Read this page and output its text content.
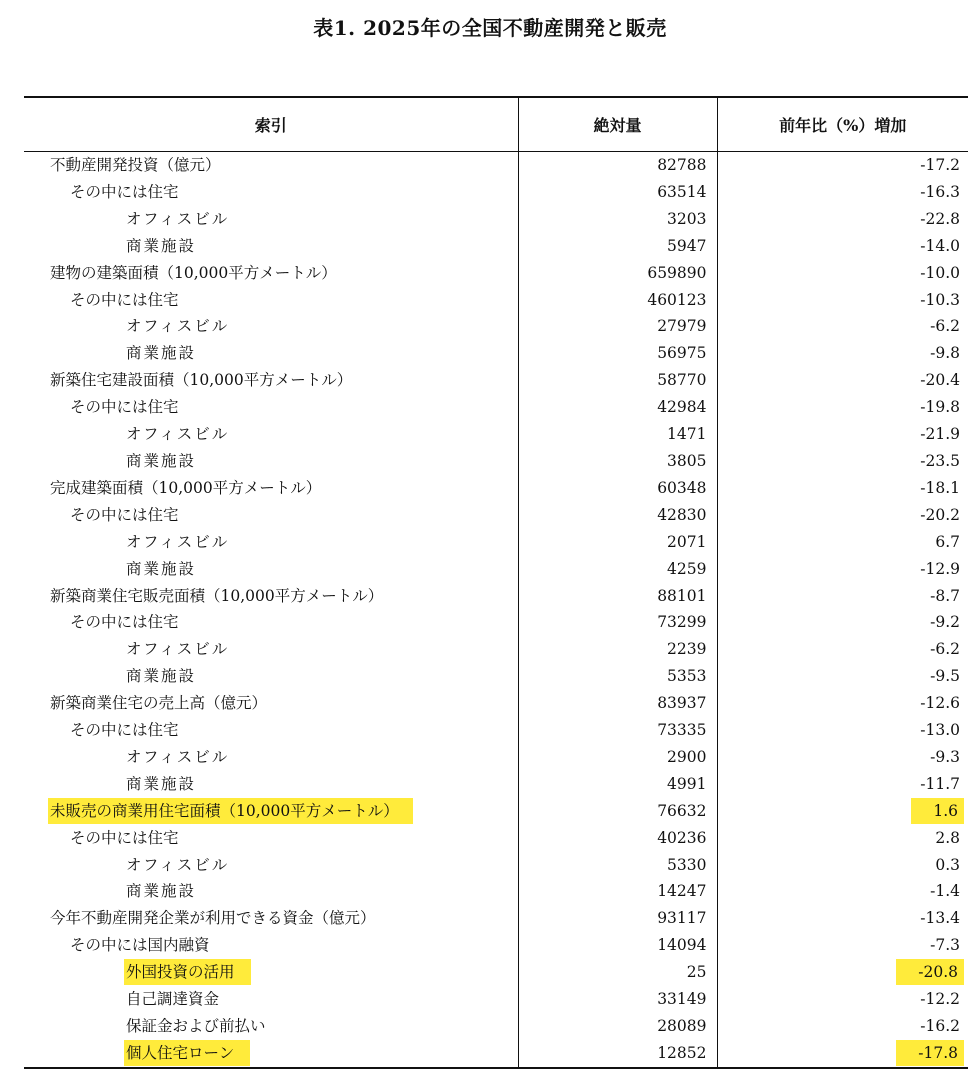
表1. 2025年の全国不動産開発と販売
索引	絶対量	前年比（%）増加
不動産開発投資（億元）	82788	-17.2
その中には住宅	63514	-16.3
オフィスビル	3203	-22.8
商業施設	5947	-14.0
建物の建築面積（10,000平方メートル）	659890	-10.0
その中には住宅	460123	-10.3
オフィスビル	27979	-6.2
商業施設	56975	-9.8
新築住宅建設面積（10,000平方メートル）	58770	-20.4
その中には住宅	42984	-19.8
オフィスビル	1471	-21.9
商業施設	3805	-23.5
完成建築面積（10,000平方メートル）	60348	-18.1
その中には住宅	42830	-20.2
オフィスビル	2071	6.7
商業施設	4259	-12.9
新築商業住宅販売面積（10,000平方メートル）	88101	-8.7
その中には住宅	73299	-9.2
オフィスビル	2239	-6.2
商業施設	5353	-9.5
新築商業住宅の売上高（億元）	83937	-12.6
その中には住宅	73335	-13.0
オフィスビル	2900	-9.3
商業施設	4991	-11.7
未販売の商業用住宅面積（10,000平方メートル）	76632	1.6
その中には住宅	40236	2.8
オフィスビル	5330	0.3
商業施設	14247	-1.4
今年不動産開発企業が利用できる資金（億元）	93117	-13.4
その中には国内融資	14094	-7.3
外国投資の活用	25	-20.8
自己調達資金	33149	-12.2
保証金および前払い	28089	-16.2
個人住宅ローン	12852	-17.8
